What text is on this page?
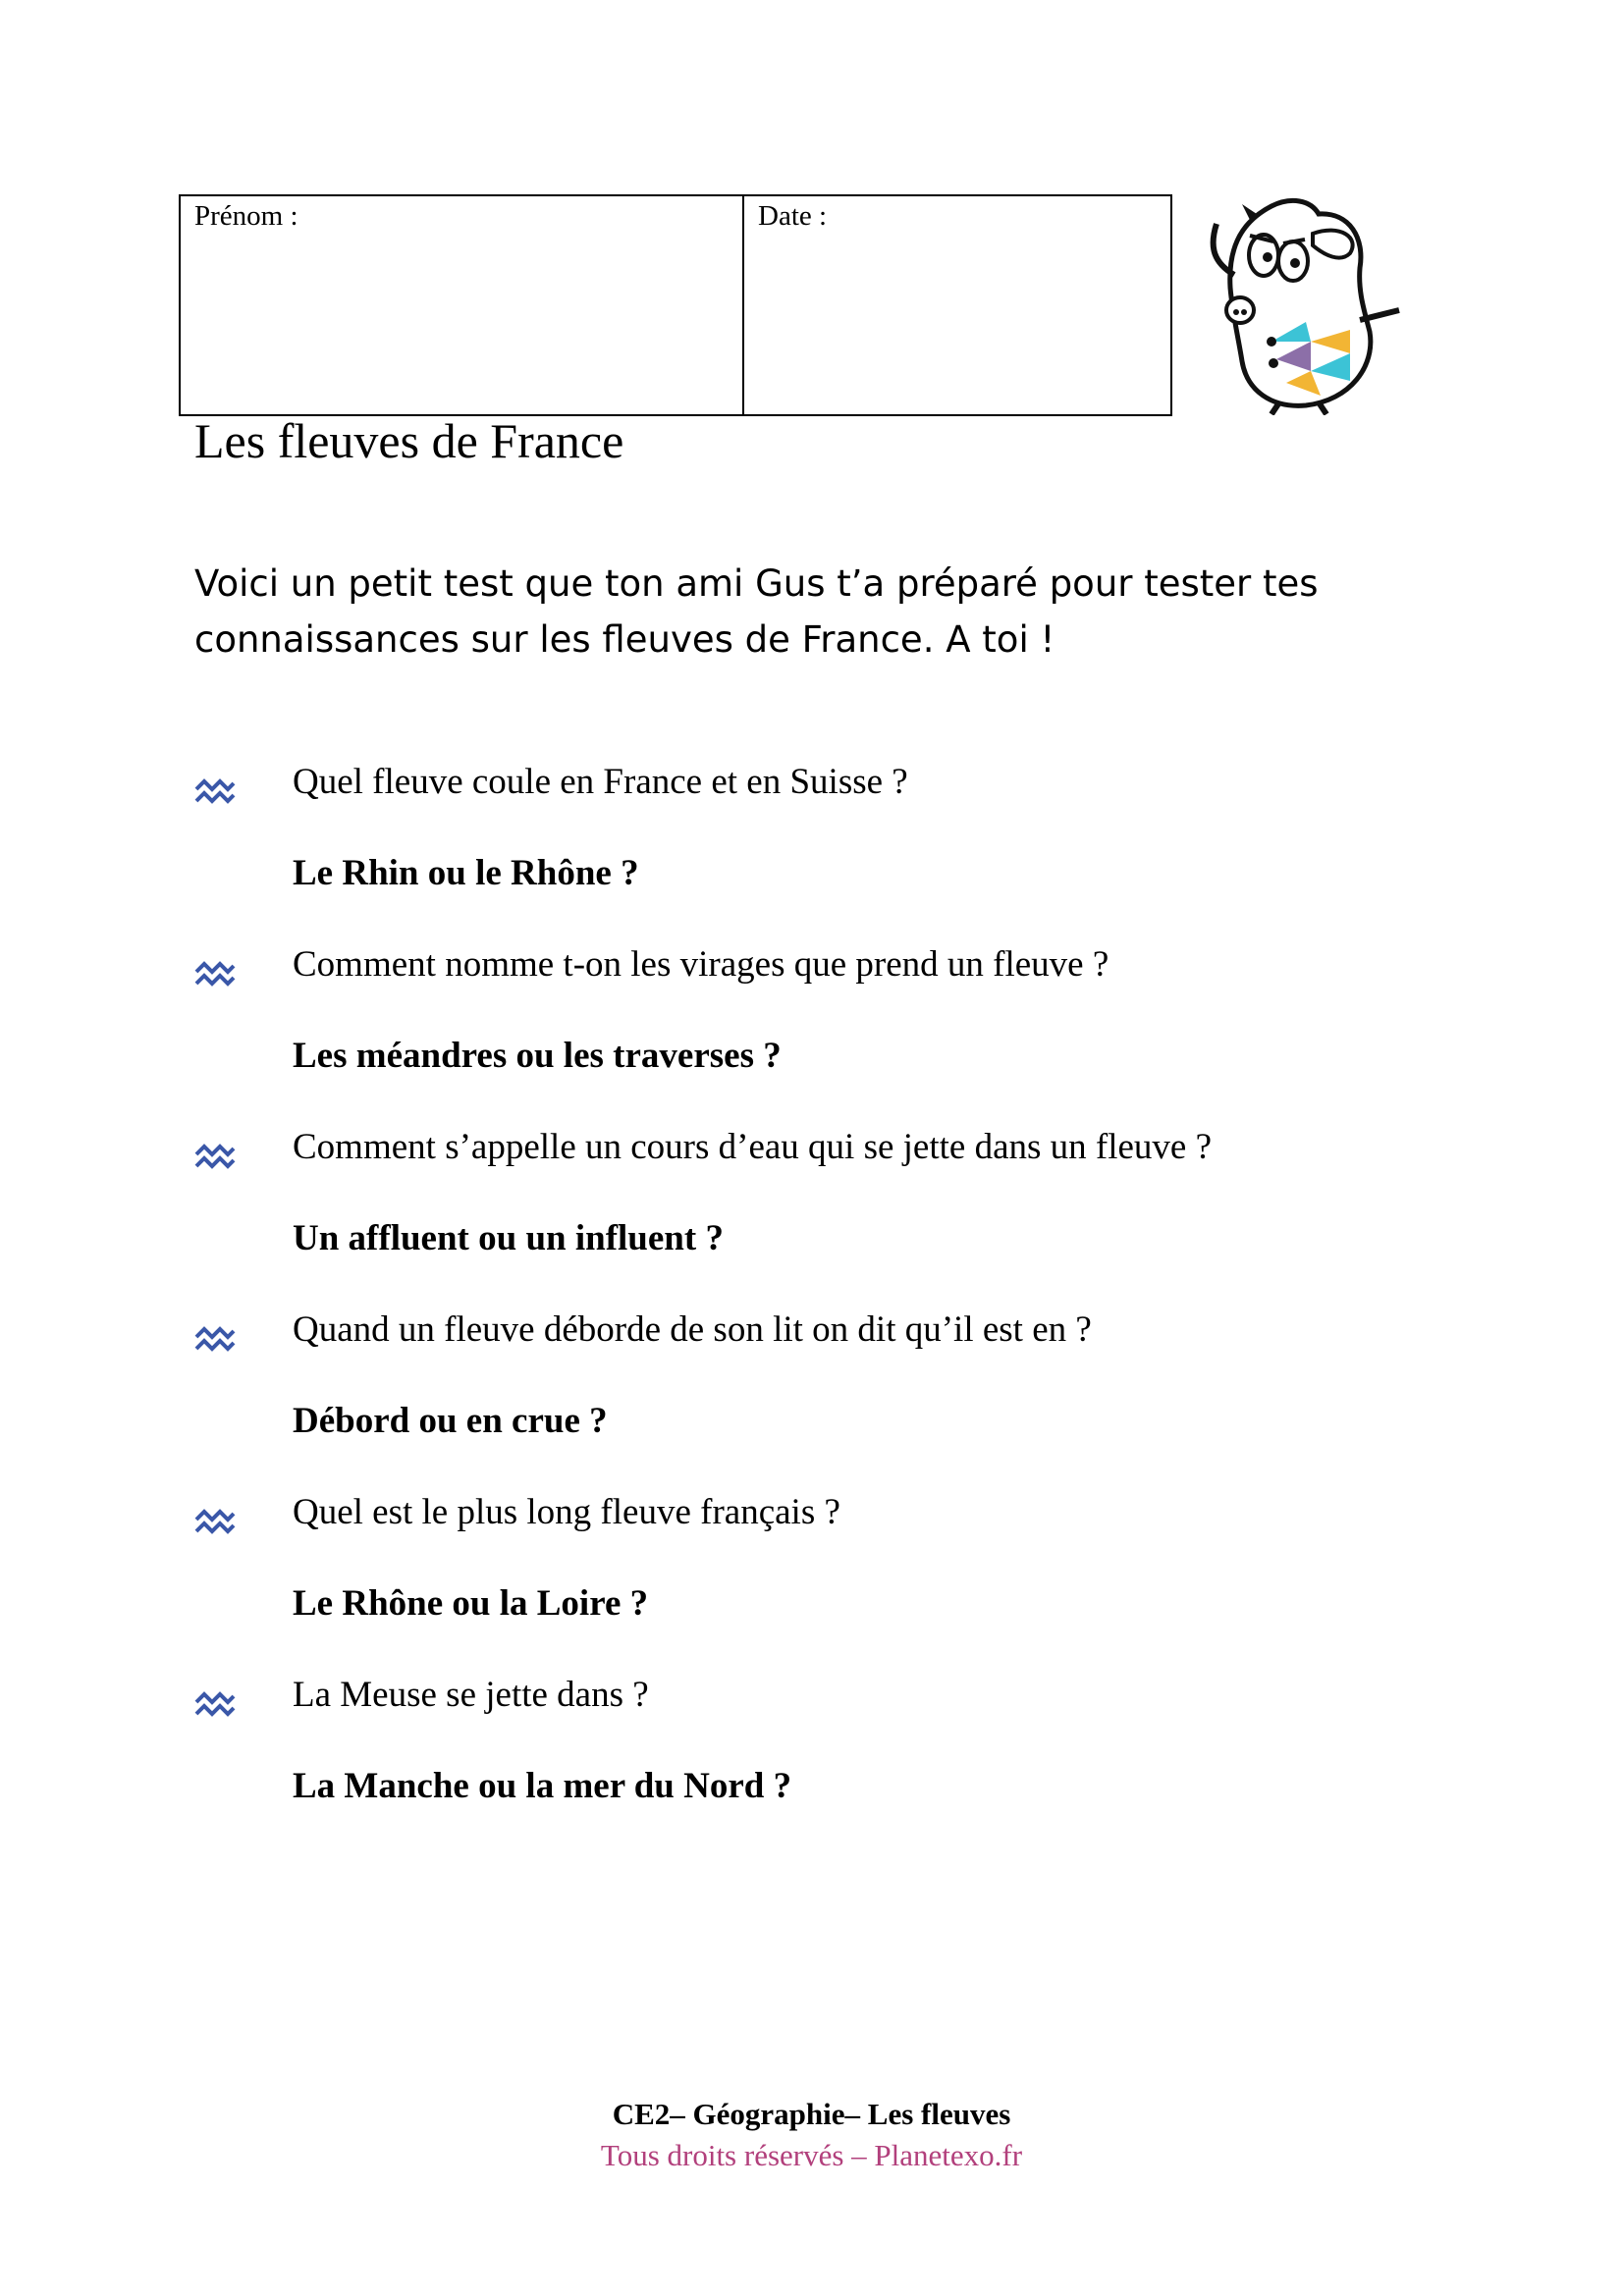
Prénom :	Date :
Les fleuves de France

Voici un petit test que ton ami Gus t’a préparé pour tester tes
connaissances sur les fleuves de France. A toi !

Quel fleuve coule en France et en Suisse ?
Le Rhin ou le Rhône ?
Comment nomme t-on les virages que prend un fleuve ?
Les méandres ou les traverses ?
Comment s’appelle un cours d’eau qui se jette dans un fleuve ?
Un affluent ou un influent ?
Quand un fleuve déborde de son lit on dit qu’il est en ?
Débord ou en crue ?
Quel est le plus long fleuve français ?
Le Rhône ou la Loire ?
La Meuse se jette dans ?
La Manche ou la mer du Nord ?
CE2– Géographie– Les fleuves
Tous droits réservés – Planetexo.fr
